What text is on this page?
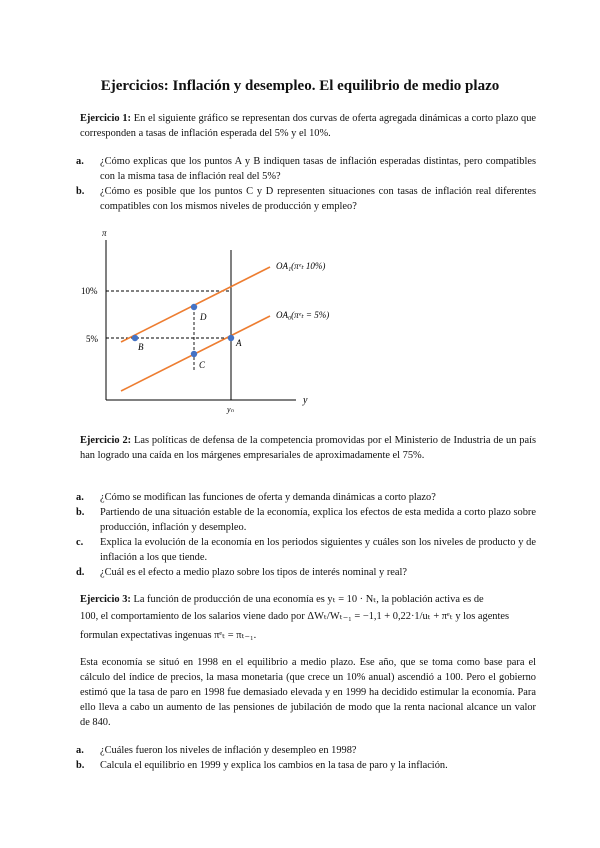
Ejercicios: Inflación y desempleo. El equilibrio de medio plazo
Ejercicio 1: En el siguiente gráfico se representan dos curvas de oferta agregada dinámicas a corto plazo que corresponden a tasas de inflación esperada del 5% y el 10%.
a. ¿Cómo explicas que los puntos A y B indiquen tasas de inflación esperadas distintas, pero compatibles con la misma tasa de inflación real del 5%?
b. ¿Cómo es posible que los puntos C y D representen situaciones con tasas de inflación real diferentes compatibles con los mismos niveles de producción y empleo?
π
y
yₙ
10%
5%
OA₁(πᵉₜ 10%)
OA₀(πᵉₜ = 5%)
B
D
A
C
Ejercicio 2: Las políticas de defensa de la competencia promovidas por el Ministerio de Industria de un país han logrado una caída en los márgenes empresariales de aproximadamente el 75%.
a. ¿Cómo se modifican las funciones de oferta y demanda dinámicas a corto plazo?
b. Partiendo de una situación estable de la economía, explica los efectos de esta medida a corto plazo sobre producción, inflación y desempleo.
c. Explica la evolución de la economía en los periodos siguientes y cuáles son los niveles de producto y de inflación a los que tiende.
d. ¿Cuál es el efecto a medio plazo sobre los tipos de interés nominal y real?
Ejercicio 3: La función de producción de una economía es yₜ = 10 · Nₜ, la población activa es de
100, el comportamiento de los salarios viene dado por ΔWₜ/Wₜ₋₁ = −1,1 + 0,22·1/uₜ + πᵉₜ y los agentes
formulan expectativas ingenuas πᵉₜ = πₜ₋₁.
Esta economía se situó en 1998 en el equilibrio a medio plazo. Ese año, que se toma como base para el cálculo del índice de precios, la masa monetaria (que crece un 10% anual) ascendió a 100. Pero el gobierno estimó que la tasa de paro en 1998 fue demasiado elevada y en 1999 ha decidido estimular la economía. Para ello lleva a cabo un aumento de las pensiones de jubilación de modo que la renta nacional alcance un valor de 840.
a. ¿Cuáles fueron los niveles de inflación y desempleo en 1998?
b. Calcula el equilibrio en 1999 y explica los cambios en la tasa de paro y la inflación.
